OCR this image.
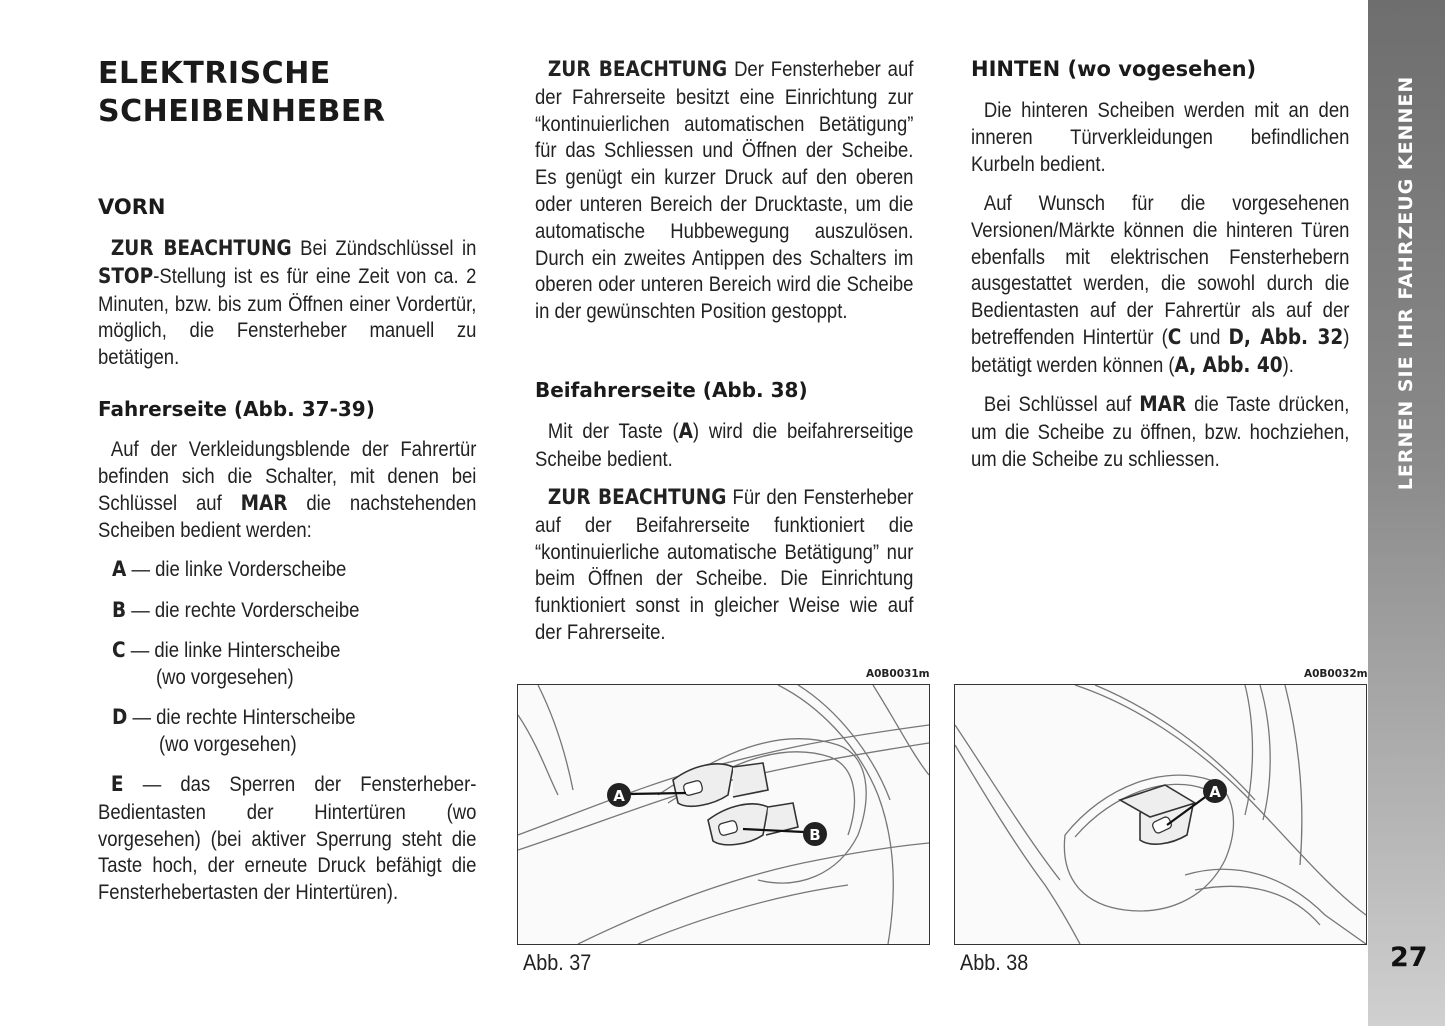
ELEKTRISCHE
SCHEIBENHEBER
VORN

ZUR BEACHTUNG Bei Zündschlüssel in STOP-Stellung ist es für eine Zeit von ca. 2 Minuten, bzw. bis zum Öffnen einer Vordertür, möglich, die Fensterheber manuell zu betätigen.

Fahrerseite (Abb. 37-39)

Auf der Verkleidungsblende der Fahrertür befinden sich die Schalter, mit denen bei Schlüssel auf MAR die nachstehenden Scheiben bedient werden:

A — die linke Vorderscheibe

B — die rechte Vorderscheibe

C — die linke Hinterscheibe

(wo vorgesehen)

D — die rechte Hinterscheibe

(wo vorgesehen)

E — das Sperren der Fensterheber-Bedientasten der Hintertüren (wo vorgesehen) (bei aktiver Sperrung steht die Taste hoch, der erneute Druck befähigt die Fensterhebertasten der Hintertüren).

ZUR BEACHTUNG Der Fensterheber auf der Fahrerseite besitzt eine Einrichtung zur “kontinuierlichen automatischen Betätigung” für das Schliessen und Öffnen der Scheibe. Es genügt ein kurzer Druck auf den oberen oder unteren Bereich der Drucktaste, um die automatische Hubbewegung auszulösen. Durch ein zweites Antippen des Schalters im oberen oder unteren Bereich wird die Scheibe in der gewünschten Position gestoppt.

Beifahrerseite (Abb. 38)

Mit der Taste (A) wird die beifahrerseitige Scheibe bedient.

ZUR BEACHTUNG Für den Fensterheber auf der Beifahrerseite funktioniert die “kontinuierliche automatische Betätigung” nur beim Öffnen der Scheibe. Die Einrichtung funktioniert sonst in gleicher Weise wie auf der Fahrerseite.

HINTEN (wo vogesehen)

Die hinteren Scheiben werden mit an den inneren Türverkleidungen befindlichen Kurbeln bedient.

Auf Wunsch für die vorgesehenen Versionen/Märkte können die hinteren Türen ebenfalls mit elektrischen Fensterhebern ausgestattet werden, die sowohl durch die Bedientasten auf der Fahrertür als auf der betreffenden Hintertür (C und D, Abb. 32) betätigt werden können (A, Abb. 40).

Bei Schlüssel auf MAR die Taste drücken, um die Scheibe zu öffnen, bzw. hochziehen, um die Scheibe zu schliessen.

A0B0031m
A
B
Abb. 37
A0B0032m
A
Abb. 38
LERNEN SIE IHR FAHRZEUG KENNEN
27
